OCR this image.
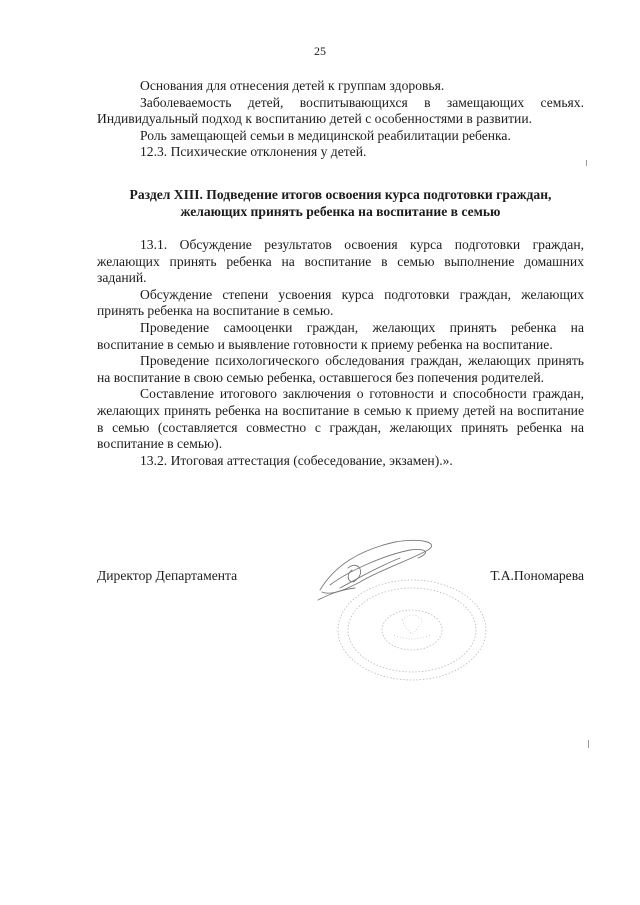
25

Основания для отнесения детей к группам здоровья.

Заболеваемость детей, воспитывающихся в замещающих семьях. Индивидуальный подход к воспитанию детей с особенностями в развитии.

Роль замещающей семьи в медицинской реабилитации ребенка.

12.3. Психические отклонения у детей.

Раздел XIII. Подведение итогов освоения курса подготовки граждан,
желающих принять ребенка на воспитание в семью

13.1. Обсуждение результатов освоения курса подготовки граждан, желающих принять ребенка на воспитание в семью выполнение домашних заданий.

Обсуждение степени усвоения курса подготовки граждан, желающих принять ребенка на воспитание в семью.

Проведение самооценки граждан, желающих принять ребенка на воспитание в семью и выявление готовности к приему ребенка на воспитание.

Проведение психологического обследования граждан, желающих принять на воспитание в свою семью ребенка, оставшегося без попечения родителей.

Составление итогового заключения о готовности и способности граждан, желающих принять ребенка на воспитание в семью к приему детей на воспитание в семью (составляется совместно с граждан, желающих принять ребенка на воспитание в семью).

13.2. Итоговая аттестация (собеседование, экзамен).».

Директор Департамента	Т.А.Пономарева
